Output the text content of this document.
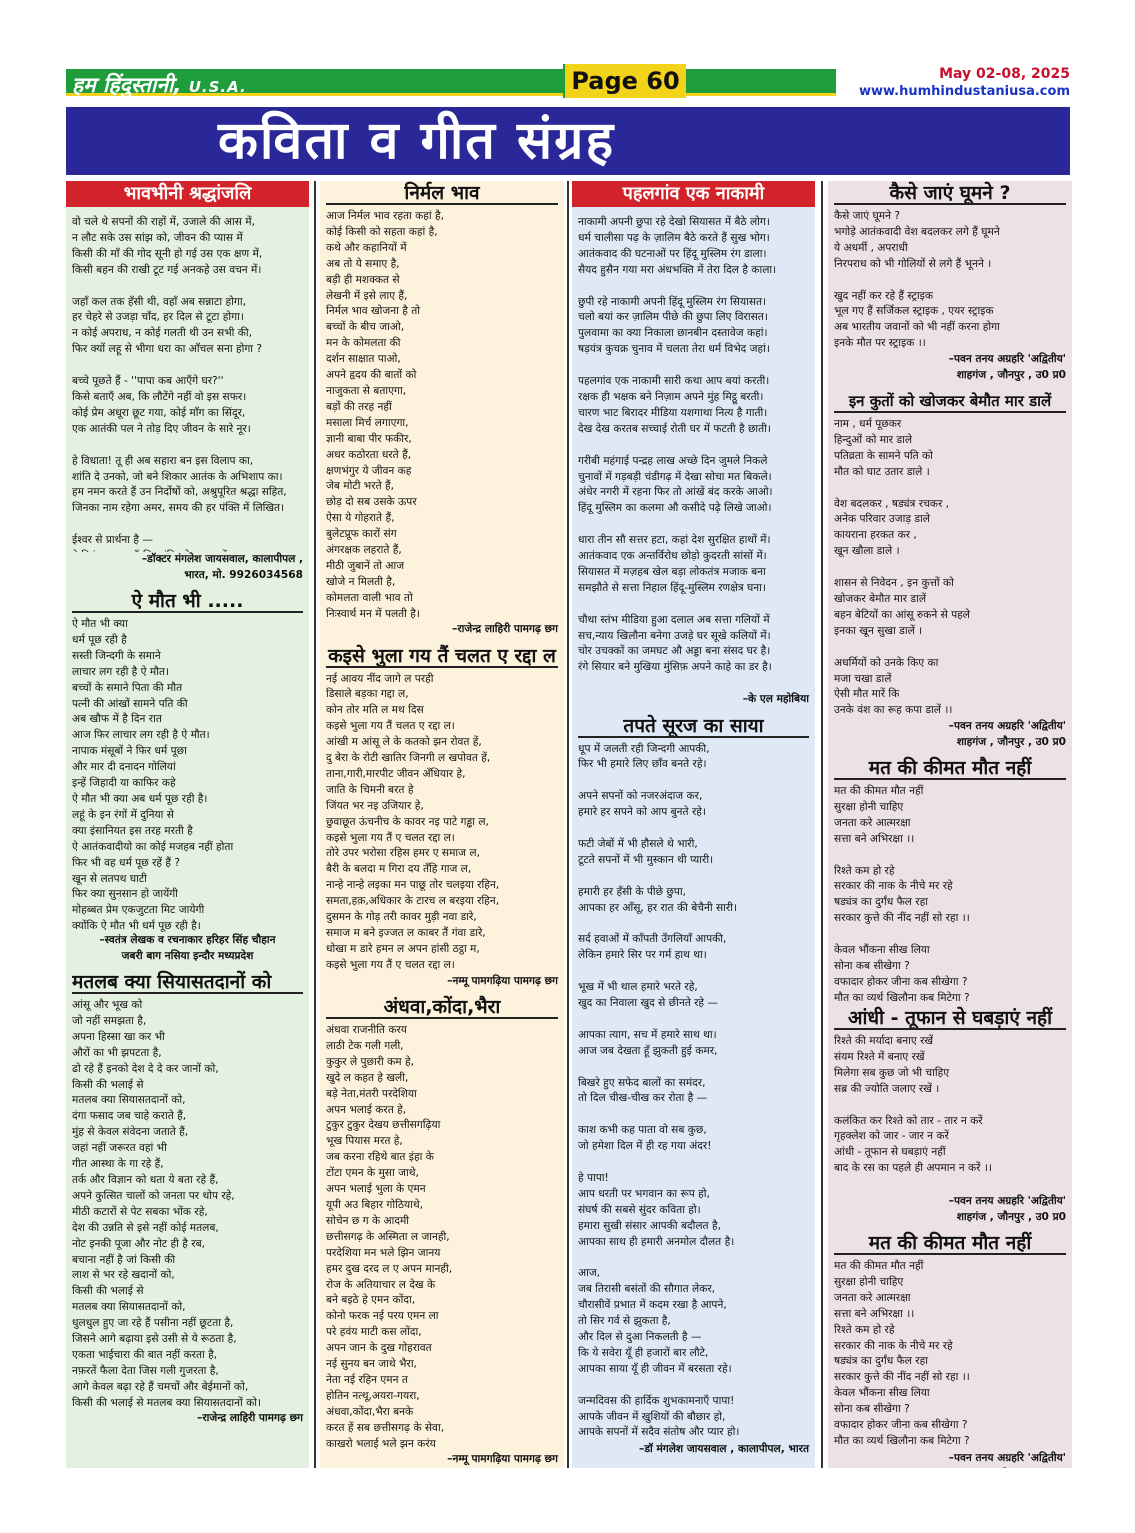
हम हिंदुस्तानी, U.S.A.	Page 60	May 02-08, 2025
www.humhindustaniusa.com
कविता व गीत संग्रह
भावभीनी श्रद्धांजलि
वो चले थे सपनों की राहों में, उजाले की आस में,
न लौट सके उस सांझ को, जीवन की प्यास में
किसी की माँ की गोद सूनी हो गई उस एक क्षण में,
किसी बहन की राखी टूट गई अनकहे उस वचन में।

जहाँ कल तक हँसी थी, वहाँ अब सन्नाटा होगा,
हर चेहरे से उजड़ा चाँद, हर दिल से टूटा होगा।
न कोई अपराध, न कोई गलती थी उन सभी की,
फिर क्यों लहू से भीगा धरा का आँचल सना होगा ?

बच्चे पूछते हैं - ''पापा कब आएँगे घर?''
किसे बताएँ अब, कि लौटेंगे नहीं वो इस सफर।
कोई प्रेम अधूरा छूट गया, कोई माँग का सिंदूर,
एक आतंकी पल ने तोड़ दिए जीवन के सारे नूर।

हे विधाता! तू ही अब सहारा बन इस विलाप का,
शांति दे उनको, जो बने शिकार आतंक के अभिशाप का।
हम नमन करते हैं उन निर्दोषों को, अश्रुपूरित श्रद्धा सहित,
जिनका नाम रहेगा अमर, समय की हर पंक्ति में लिखित।

ईश्वर से प्रार्थना है —

–डॉक्टर मंगलेश जायसवाल, कालापीपल ,
भारत, मो. 9926034568
ऐ मौत भी .....
ऐ मौत भी क्या
धर्म पूछ रही है
सस्ती जिन्दगी के समाने
लाचार लग रही है ऐ मौत।
बच्चों के समाने पिता की मौत
पत्नी की आंखों सामने पति की
अब खौफ में है दिन रात
आज फिर लाचार लग रही है ऐ मौत।
नापाक मंसूबों ने फिर धर्म पूछा
और मार दी दनादन गोलियां
इन्हें जिहादी या काफिर कहे
ऐ मौत भी क्या अब धर्म पूछ रही है।
लहूं के इन रंगों में दुनिया से
क्या इंसानियत इस तरह मरती है
ऐ आतंकवादीयो का कोई मजहब नहीं होता
फिर भी वह धर्म पूछ रहें हैं ?
खून से लतपथ घाटी
फिर क्या सुनसान हो जायेंगी
मोहब्बत प्रेम एकजुटता मिट जायेगी
क्योंकि ऐ मौत भी धर्म पूछ रही है।
–स्वतंत्र लेखक व रचनाकार हरिहर सिंह चौहान
जबरी बाग नसिया इन्दौर मध्यप्रदेश
मतलब क्या सियासतदानों को
आंसू और भूख को
जो नहीं समझता है,
अपना हिस्सा खा कर भी
औरों का भी झपटता है,
ढो रहे हैं इनको देश दे दे कर जानों को,
किसी की भलाई से
मतलब क्या सियासतदानों को,
दंगा फसाद जब चाहे कराते हैं,
मुंह से केवल संवेदना जताते हैं,
जहां नहीं जरूरत वहां भी
गीत आस्था के गा रहे हैं,
तर्क और विज्ञान को धता ये बता रहे हैं,
अपने कुत्सित चालों को जनता पर थोप रहे,
मीठी कटारों से पेट सबका भोंक रहे,
देश की उन्नति से इसे नहीं कोई मतलब,
नोट इनकी पूजा और नोट ही है रब,
बचाना नहीं है जां किसी की
लाश से भर रहे खदानों को,
किसी की भलाई से
मतलब क्या सियासतदानों को,
धुलधुल हुए जा रहे हैं पसीना नहीं छूटता है,
जिसने आगे बढ़ाया इसे उसी से ये रूठता है,
एकता भाईचारा की बात नहीं करता है,
नफ़रतें फैला देता जिस गली गुजरता है,
आगे केवल बढ़ा रहे हैं चमचों और बेईमानों को,
किसी की भलाई से मतलब क्या सियासतदानों को।
–राजेन्द्र लाहिरी पामगढ़ छग
निर्मल भाव
आज निर्मल भाव रहता कहां है,
कोई किसी को सहता कहां है,
कथे और कहानियों में
अब तो ये समाए है,
बड़ी ही मशक्कत से
लेखनी में इसे लाए हैं,
निर्मल भाव खोजना है तो
बच्चों के बीच जाओ,
मन के कोमलता की
दर्शन साक्षात पाओ,
अपने हृदय की बातों को
नाजुकता से बताएगा,
बड़ों की तरह नहीं
मसाला मिर्च लगाएगा,
ज्ञानी बाबा पीर फकीर,
अधर कठोरता धरते हैं,
क्षणभंगुर ये जीवन कह
जेब मोटी भरते हैं,
छोड़ दो सब उसके ऊपर
ऐसा ये गोहराते हैं,
बुलेटप्रूफ कारों संग
अंगरक्षक लहराते हैं,
मीठी जुबानें तो आज
खोजे न मिलती है,
कोमलता वाली भाव तो
निःस्वार्थ मन में पलती है।
–राजेन्द्र लाहिरी पामगढ़ छग
कइसे भुला गय तैं चलत ए रद्दा ल
नई आवय नींद जागे ल परही
डिसाले बड़का गद्दा ल,
कोन तोर मति ल मथ दिस
कइसे भुला गय तैं चलत ए रद्दा ल।
आंखी म आंसू ले के कतको झन रोवत हें,
दु बेरा के रोटी खातिर जिनगी ल खपोवत हें,
ताना,गारी,मारपीट जीवन अँधियार हे,
जाति के चिमनी बरत हे
जिंयत भर नइ उजियार हे,
छुवाछूत ऊंचनीच के कावर नइ पाटे गड्ढा ल,
कइसे भुला गय तैं ए चलत रद्दा ल।
तोरे उपर भरोसा रहिस हमर ए समाज ल,
बैरी के बलदा म गिरा दय तँहि गाज ल,
नान्हे नान्हे लइका मन पाछू तोर चलइया रहिन,
समता,हक़,अधिकार के टारच ल बरइया रहिन,
दुसमन के गोड़ तरी कावर मुड़ी नवा डारे,
समाज म बने इज्जत ल काबर तैं गंवा डारे,
धोखा म डारे हमन ल अपन हांसी ठट्ठा म,
कइसे भुला गय तैं ए चलत रद्दा ल।
–नम्मू पामगढ़िया पामगढ़ छग
अंधवा,कोंदा,भैरा
अंधवा राजनीति करय
लाठी टेक गली गली,
कुकुर ले पुछारी कम हे,
खुदे ल कहत हे खली,
बड़े नेता,मंतरी परदेशिया
अपन भलाई करत हे,
टुकुर टुकुर देखय छत्तीसगढ़िया
भूख पियास मरत हे,
जब करना रहिथे बात इंहा के
टोंटा एमन के मुसा जाथे,
अपन भलाई भुला के एमन
यूपी अउ बिहार गोठियाथे,
सोचेन छ ग के आदमी
छत्तीसगढ़ के अस्मिता ल जानही,
परदेशिया मन भले झिन जानय
हमर दुख दरद ल ए अपन मानही,
रोज के अतियाचार ल देख के
बने बइठे हे एमन कोंदा,
कोनो फरक नई परय एमन ला
परे हवंय माटी कस लोंदा,
अपन जान के दुख गोहरावत
नई सुनय बन जाथे भैरा,
नेता नई रहिन एमन त
होतिन नत्थू,अयरा-गयरा,
अंधवा,कोंदा,भैरा बनके
करत हें सब छत्तीसगढ़ के सेवा,
काखरो भलाई भले झन करंय

–नम्मू पामगढ़िया पामगढ़ छग
पहलगांव एक नाकामी
नाकामी अपनी छुपा रहे देखो सियासत में बैठे लोग।
धर्म चालीसा पढ़ के ज़ालिम बैठे करते हैं सुख भोग।
आतंकवाद की घटनाओं पर हिंदू मुस्लिम रंग डाला।
सैयद हुसैन गया मरा अंधभक्ति में तेरा दिल है काला।

छुपी रहे नाकामी अपनी हिंदू मुस्लिम रंग सियासत।
चलो बयां कर ज़ालिम पीछे की छुपा लिए विरासत।
पुलवामा का क्या निकाला छानबीन दस्तावेज कहां।
षड़यंत्र कुचक्र चुनाव में चलता तेरा धर्म विभेद जहां।

पहलगांव एक नाकामी सारी कथा आप बयां करती।
रक्षक ही भक्षक बने निज़ाम अपने मुंह मिट्ठू बरती।
चारण भाट बिरादर मीडिया यशगाथा नित्य है गाती।
देख देख करतब सच्चाई रोती घर में फटती है छाती।

गरीबी महंगाई पन्द्रह लाख अच्छे दिन जुमले निकले
चुनावों में गड़बड़ी चंडीगढ़ में देखा सोचा मत बिकले।
अंधेर नगरी में रहना फिर तो आंखें बंद करके आओ।
हिंदू मुस्लिम का कलमा औ कसीदे पढ़े लिखे जाओ।

धारा तीन सौ सत्तर हटा, कहां देश सुरक्षित हाथों में।
आतंकवाद एक अन्तर्विरोध छोड़ो कुदरती सांसों में।
सियासत में मज़हब खेल बड़ा लोकतंत्र मजाक बना
समझौते से सत्ता निहाल हिंदू-मुस्लिम रणक्षेत्र घना।

चौथा स्तंभ मीडिया हुआ दलाल अब सत्ता गलियों में
सच,न्याय खिलौना बनेगा उजड़े घर सूखे कलियों में।
चोर उचक्कों का जमघट औ अड्डा बना संसद घर है।
रंगे सियार बने मुखिया मुंसिफ़ अपने काहे का डर है।
–के एल महोबिया
तपते सूरज का साया
धूप में जलती रही जिन्दगी आपकी,
फिर भी हमारे लिए छाँव बनते रहे।

अपने सपनों को नजरअंदाज कर,
हमारे हर सपने को आप बुनते रहे।

फटी जेबों में भी हौसले थे भारी,
टूटते सपनों में भी मुस्कान थी प्यारी।

हमारी हर हँसी के पीछे छुपा,
आपका हर आँसू, हर रात की बेचैनी सारी।

सर्द हवाओं में काँपती उँगलियाँ आपकी,
लेकिन हमारे सिर पर गर्म हाथ था।

भूख में भी थाल हमारे भरते रहे,
खुद का निवाला खुद से छीनते रहे —

आपका त्याग, सच में हमारे साथ था।
आज जब देखता हूँ झुकती हुई कमर,

बिखरे हुए सफेद बालों का समंदर,
तो दिल चीख-चीख कर रोता है —

काश कभी कह पाता वो सब कुछ,
जो हमेशा दिल में ही रह गया अंदर!

हे पापा!
आप धरती पर भगवान का रूप हो,
संघर्ष की सबसे सुंदर कविता हो।
हमारा सुखी संसार आपकी बदौलत है,
आपका साथ ही हमारी अनमोल दौलत है।

आज,
जब तिरासी बसंतों की सौगात लेकर,
चौरासीवें प्रभात में कदम रखा है आपने,
तो सिर गर्व से झुकता है,
और दिल से दुआ निकलती है —
कि ये सवेरा यूँ ही हजारों बार लौटे,
आपका साया यूँ ही जीवन में बरसता रहे।

जन्मदिवस की हार्दिक शुभकामनाएँ पापा!
आपके जीवन में खुशियों की बौछार हो,
आपके सपनों में सदैव संतोष और प्यार हो।
–डॉ मंगलेश जायसवाल , कालापीपल, भारत
कैसे जाएं घूमने ?
कैसे जाएं घूमने ?
भगोड़े आतंकवादी वेश बदलकर लगे हैं घूमने
ये अधर्मी , अपराधी
निरपराध को भी गोलियों से लगे हैं भूनने ।

खुद नहीं कर रहे हैं स्ट्राइक
भूल गए हैं सर्जिकल स्ट्राइक , एयर स्ट्राइक
अब भारतीय जवानों को भी नहीं करना होगा
इनके मौत पर स्ट्राइक ।।
–पवन तनय अग्रहरि 'अद्वितीय'
शाहगंज , जौनपुर , उ0 प्र0
इन कुतों को खोजकर बेमौत मार डालें
नाम , धर्म पूछकर
हिन्दुओं को मार डाले
पतिव्रता के सामने पति को
मौत को घाट उतार डाले ।

वेश बदलकर , षड्यंत्र रचकर ,
अनेक परिवार उजाड़ डाले
कायराना हरकत कर ,
खून खौला डाले ।

शासन से निवेदन , इन कुत्तों को
खोजकर बेमौत मार डालें
बहन बेटियों का आंसू रुकने से पहले
इनका खून सुखा डालें ।

अधर्मियों को उनके किए का
मजा चखा डालें
ऐसी मौत मारें कि
उनके वंश का रूह कपा डालें ।।
–पवन तनय अग्रहरि 'अद्वितीय'
शाहगंज , जौनपुर , उ0 प्र0
मत की कीमत मौत नहीं
मत की कीमत मौत नहीं
सुरक्षा होनी चाहिए
जनता करे आत्मरक्षा
सत्ता बने अभिरक्षा ।।

रिश्ते कम हो रहे
सरकार की नाक के नीचे मर रहे
षड्यंत्र का दुर्गंध फैल रहा
सरकार कुत्ते की नींद नहीं सो रहा ।।

केवल भौंकना सीख लिया
सोना कब सीखेगा ?
वफादार होकर जीना कब सीखेगा ?
मौत का व्यर्थ खिलौना कब मिटेगा ?
आंधी - तूफान से घबड़ाएं नहीं
रिश्ते की मर्यादा बनाए रखें
संयम रिश्ते में बनाए रखें
मिलेगा सब कुछ जो भी चाहिए
सब्र की ज्योति जलाए रखें ।

कलंकित कर रिश्ते को तार - तार न करें
गृहक्लेश को जार - जार न करें
आंधी - तूफान से घबड़ाएं नहीं
बाद के रस का पहले ही अपमान न करें ।।
–पवन तनय अग्रहरि 'अद्वितीय'
शाहगंज , जौनपुर , उ0 प्र0
मत की कीमत मौत नहीं
मत की कीमत मौत नहीं
सुरक्षा होनी चाहिए
जनता करे आत्मरक्षा
सत्ता बने अभिरक्षा ।।
रिश्ते कम हो रहे
सरकार की नाक के नीचे मर रहे
षड्यंत्र का दुर्गंध फैल रहा
सरकार कुत्ते की नींद नहीं सो रहा ।।
केवल भौंकना सीख लिया
सोना कब सीखेगा ?
वफादार होकर जीना कब सीखेगा ?
मौत का व्यर्थ खिलौना कब मिटेगा ?
–पवन तनय अग्रहरि 'अद्वितीय'
